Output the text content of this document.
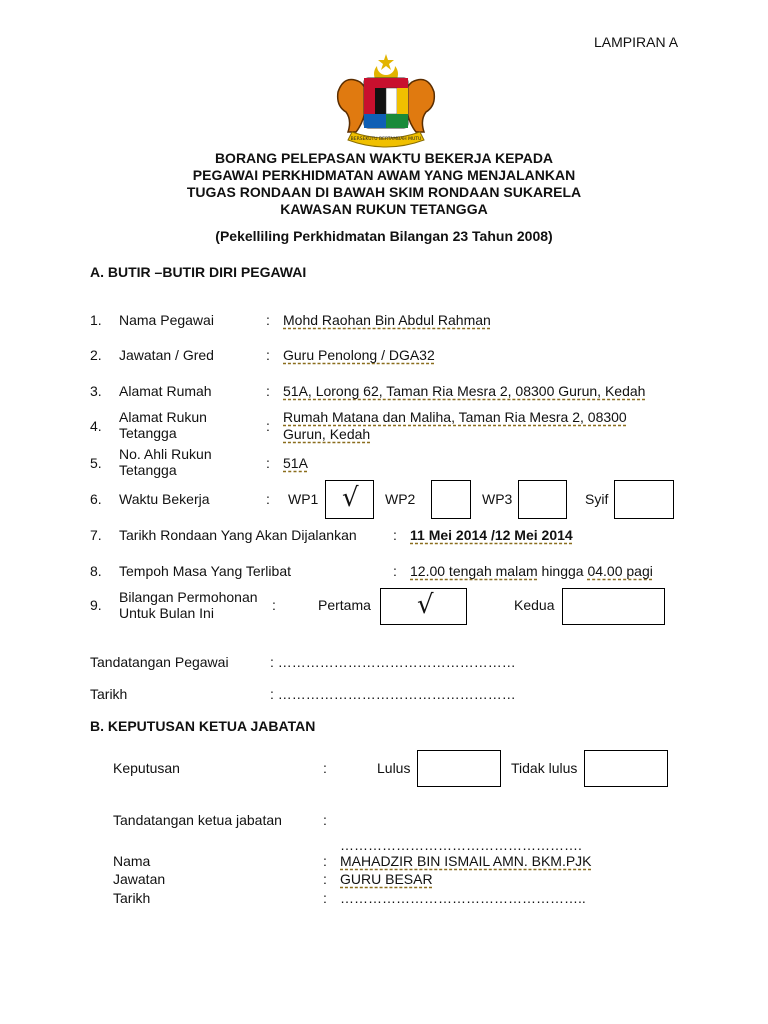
LAMPIRAN A
BERSEKUTU BERTAMBAH MUTU
BORANG PELEPASAN WAKTU BEKERJA KEPADA
PEGAWAI PERKHIDMATAN AWAM YANG MENJALANKAN
TUGAS RONDAAN DI BAWAH SKIM RONDAAN SUKARELA
KAWASAN RUKUN TETANGGA
(Pekelliling Perkhidmatan Bilangan 23 Tahun 2008)
A. BUTIR –BUTIR DIRI PEGAWAI
1. Nama Pegawai	: Mohd Raohan Bin Abdul Rahman
2. Jawatan / Gred	: Guru Penolong / DGA32
3. Alamat Rumah	: 51A, Lorong 62, Taman Ria Mesra 2, 08300 Gurun, Kedah
4.
Alamat Rukun
Tetangga	:
Rumah Matana dan Maliha, Taman Ria Mesra 2, 08300
Gurun, Kedah
5.
No. Ahli Rukun
Tetangga	: 51A
6. Waktu Bekerja	: WP1 √ WP2	WP3	Syif
7. Tarikh Rondaan Yang Akan Dijalankan	: 11 Mei 2014 /12 Mei 2014
8. Tempoh Masa Yang Terlibat	: 12.00 tengah malam hingga 04.00 pagi
9. Bilangan Permohonan
Untuk Bulan Ini	:	Pertama √	Kedua
Tandatangan Pegawai	: ……………………………………………
Tarikh	: ……………………………………………
B. KEPUTUSAN KETUA JABATAN
Keputusan	:	Lulus	Tidak lulus
Tandatangan ketua jabatan	:
…………………………………………….
Nama	: MAHADZIR BIN ISMAIL AMN. BKM.PJK
Jawatan	: GURU BESAR
Tarikh	: ……………………………………………..
